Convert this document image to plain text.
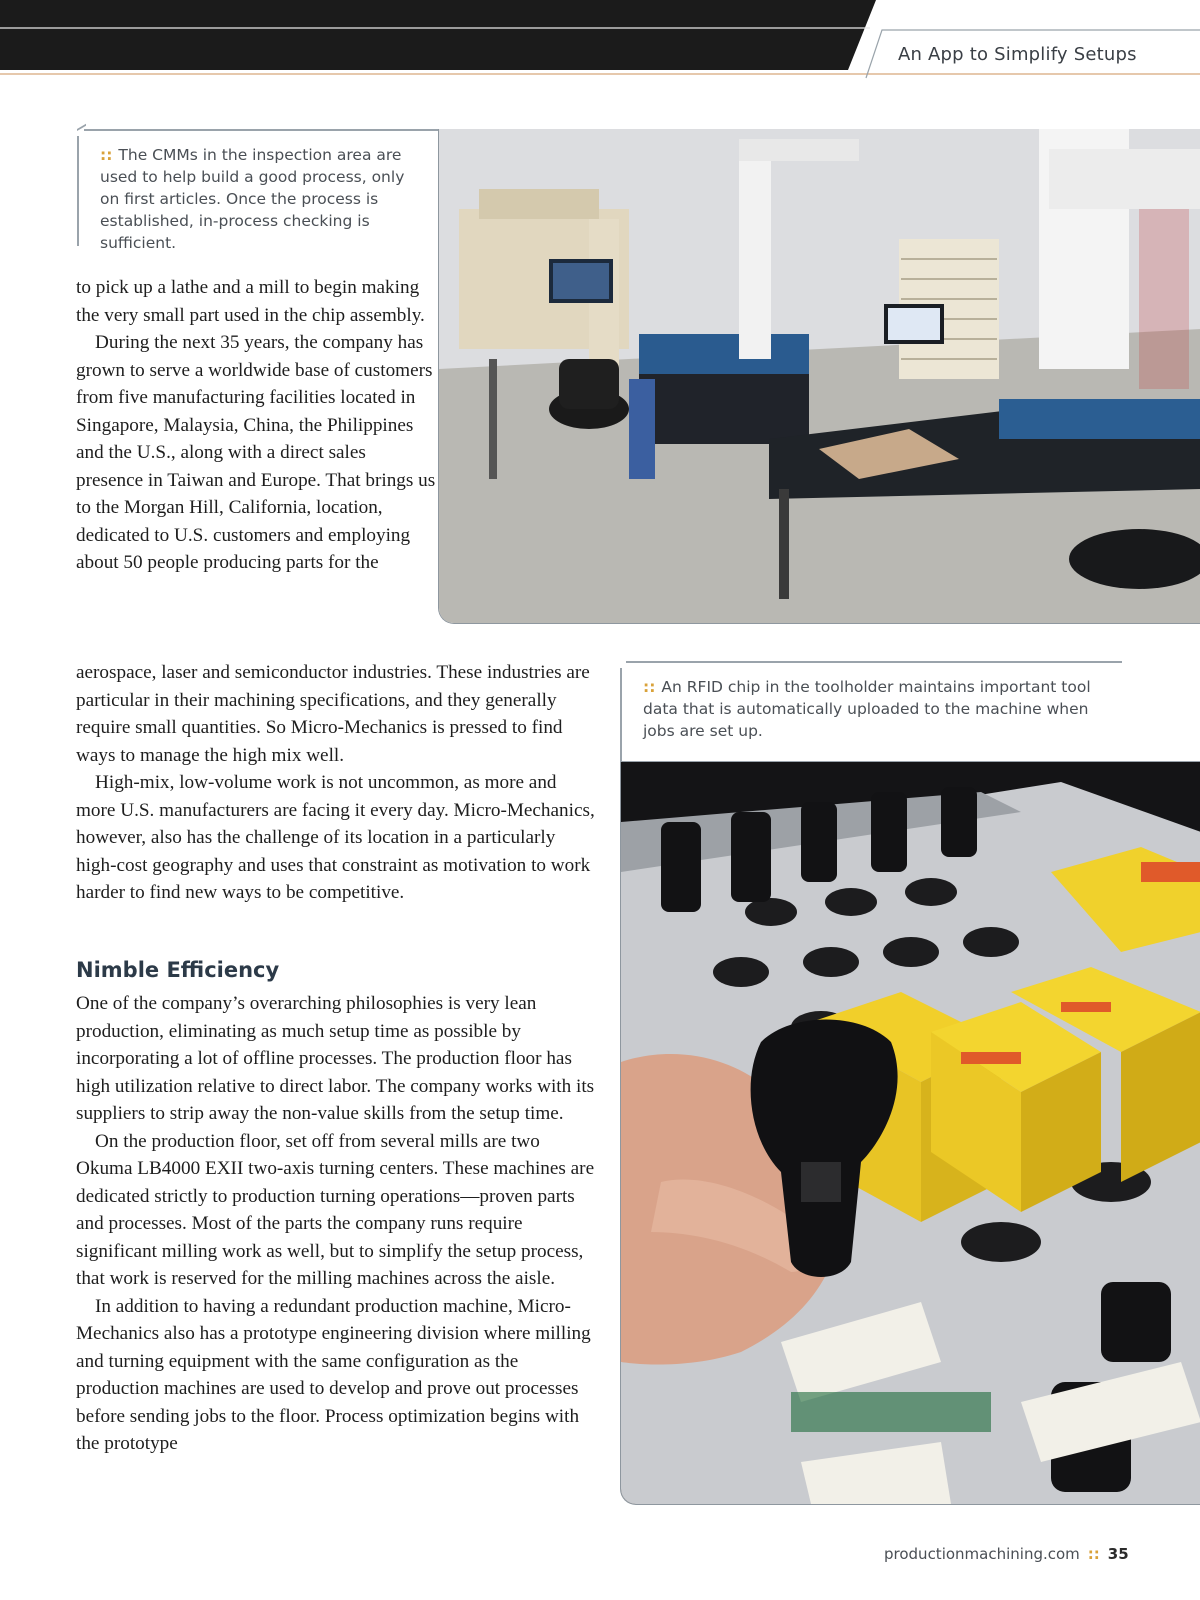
An App to Simplify Setups
:: The CMMs in the inspection area are used to help build a good process, only on first articles. Once the process is established, in-process checking is sufficient.

to pick up a lathe and a mill to begin making the very small part used in the chip assembly.

During the next 35 years, the company has grown to serve a worldwide base of customers from five manufacturing facilities located in Singapore, Malaysia, China, the Philippines and the U.S., along with a direct sales presence in Taiwan and Europe. That brings us to the Morgan Hill, California, location, dedicated to U.S. customers and employing about 50 people producing parts for the

:: An RFID chip in the toolholder maintains important tool data that is automatically uploaded to the machine when jobs are set up.

aerospace, laser and semiconductor industries. These industries are particular in their machining specifications, and they generally require small quantities. So Micro-Mechanics is pressed to find ways to manage the high mix well.

High-mix, low-volume work is not uncommon, as more and more U.S. manufacturers are facing it every day. Micro-Mechanics, however, also has the challenge of its location in a particularly high-cost geography and uses that constraint as motivation to work harder to find new ways to be competitive.

Nimble Efficiency

One of the company’s overarching philosophies is very lean production, eliminating as much setup time as possible by incorporating a lot of offline processes. The production floor has high utilization relative to direct labor. The company works with its suppliers to strip away the non-value skills from the setup time.

On the production floor, set off from several mills are two Okuma LB4000 EXII two-axis turning centers. These machines are dedicated strictly to production turning operations—proven parts and processes. Most of the parts the company runs require significant milling work as well, but to simplify the setup process, that work is reserved for the milling machines across the aisle.

In addition to having a redundant production machine, Micro-Mechanics also has a prototype engineering division where milling and turning equipment with the same configuration as the production machines are used to develop and prove out processes before sending jobs to the floor. Process optimization begins with the prototype

productionmachining.com :: 35
